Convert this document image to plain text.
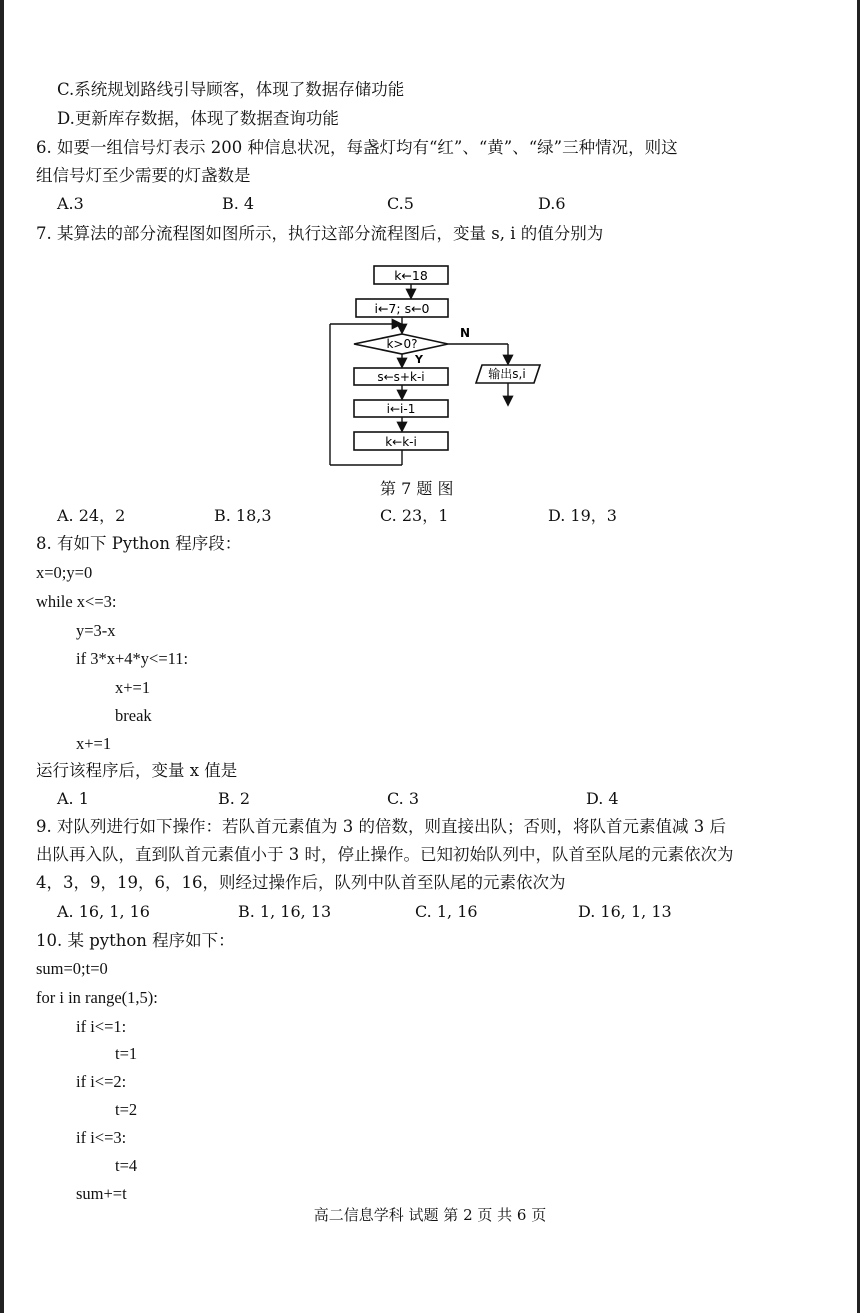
C.系统规划路线引导顾客，体现了数据存储功能
D.更新库存数据，体现了数据查询功能
6. 如要一组信号灯表示 200 种信息状况，每盏灯均有“红”、“黄”、“绿”三种情况，则这
组信号灯至少需要的灯盏数是
A.3	B. 4	C.5	D.6
7. 某算法的部分流程图如图所示，执行这部分流程图后，变量 s, i 的值分别为
k←18
i←7; s←0
k>0?
N
输出s,i
Y
s←s+k-i
i←i-1
k←k-i
第 7 题 图
A. 24，2	B. 18,3	C. 23，1	D. 19，3
8. 有如下 Python 程序段：
x=0;y=0
while x<=3:
y=3-x
if 3*x+4*y<=11:
x+=1
break
x+=1
运行该程序后，变量 x 值是
A. 1	B. 2	C. 3	D. 4
9. 对队列进行如下操作：若队首元素值为 3 的倍数，则直接出队；否则，将队首元素值减 3 后
出队再入队，直到队首元素值小于 3 时，停止操作。已知初始队列中，队首至队尾的元素依次为
4，3，9，19，6，16，则经过操作后，队列中队首至队尾的元素依次为
A. 16, 1, 16	B. 1, 16, 13	C. 1, 16	D. 16, 1, 13
10. 某 python 程序如下：
sum=0;t=0
for i in range(1,5):
if i<=1:
t=1
if i<=2:
t=2
if i<=3:
t=4
sum+=t
高二信息学科 试题 第 2 页 共 6 页
